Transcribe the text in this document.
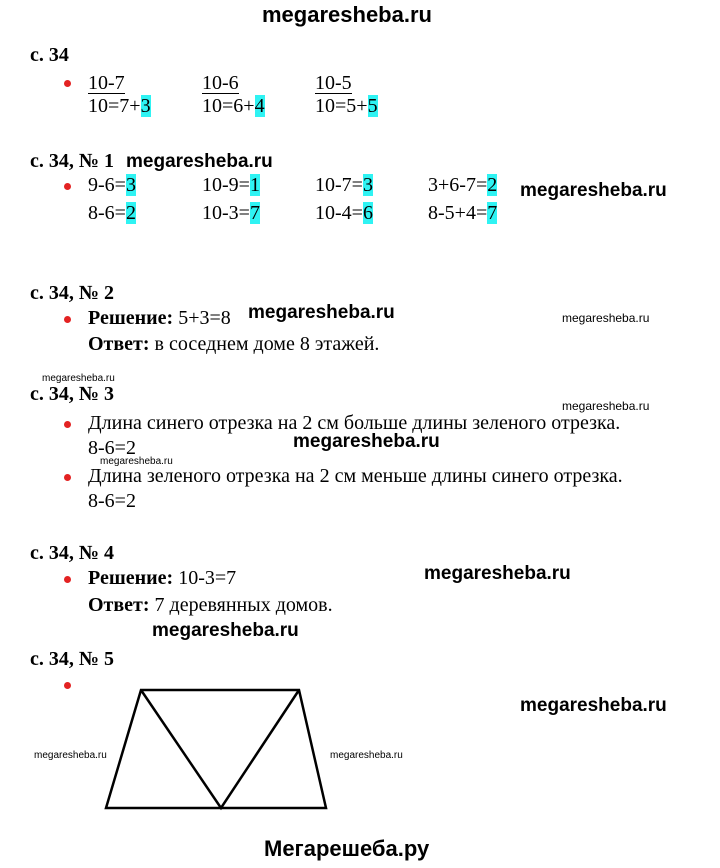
megaresheba.ru
с. 34
$\frac{10-7}{10=7+3}$	$\frac{10-6}{10=6+4}$	$\frac{10-5}{10=5+5}$
с. 34, № 1 megaresheba.ru
9-6=3	10-9=1	10-7=3	3+6-7=2
8-6=2	10-3=7	10-4=6	8-5+4=7
megaresheba.ru
с. 34, № 2
Решение: 5+3=8 megaresheba.ru	megaresheba.ru
Ответ: в соседнем доме 8 этажей.
megaresheba.ru
с. 34, № 3
megaresheba.ru
Длина синего отрезка на 2 см больше длины зеленого отрезка.
8-6=2	megaresheba.ru
megaresheba.ru
Длина зеленого отрезка на 2 см меньше длины синего отрезка.
8-6=2
с. 34, № 4
Решение: 10-3=7	megaresheba.ru
Ответ: 7 деревянных домов.
megaresheba.ru
с. 34, № 5
megaresheba.ru
megaresheba.ru	megaresheba.ru
Мегарешеба.ру
